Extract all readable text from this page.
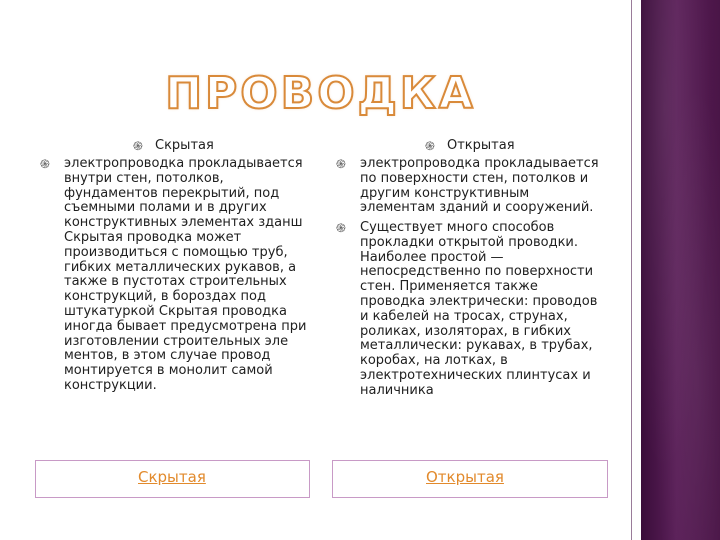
ПРОВОДКА
֍ Скрытая
֍ электропроводка прокладывается
внутри стен, потолков,
фундаментов перекрытий, под
съемными полами и в других
конструктивных элементах зданш
Скрытая проводка может
производиться с помощью труб,
гибких металлических рукавов, а
также в пустотах строительных
конструкций, в бороздах под
штукатуркой Скрытая проводка
иногда бывает предусмотрена при
изготовлении строительных эле
ментов, в этом случае провод
монтируется в монолит самой
конструкции.
֍ Открытая
֍ электропроводка прокладывается
по поверхности стен, потолков и
другим конструктивным
элементам зданий и сооружений.
֍ Существует много способов
прокладки открытой проводки.
Наиболее простой —
непосредственно по поверхности
стен. Применяется также
проводка электрически: проводов
и кабелей на тросах, струнах,
роликах, изоляторах, в гибких
металлически: рукавах, в трубах,
коробах, на лотках, в
электротехнических плинтусах и
наличника
Скрытая	Открытая
